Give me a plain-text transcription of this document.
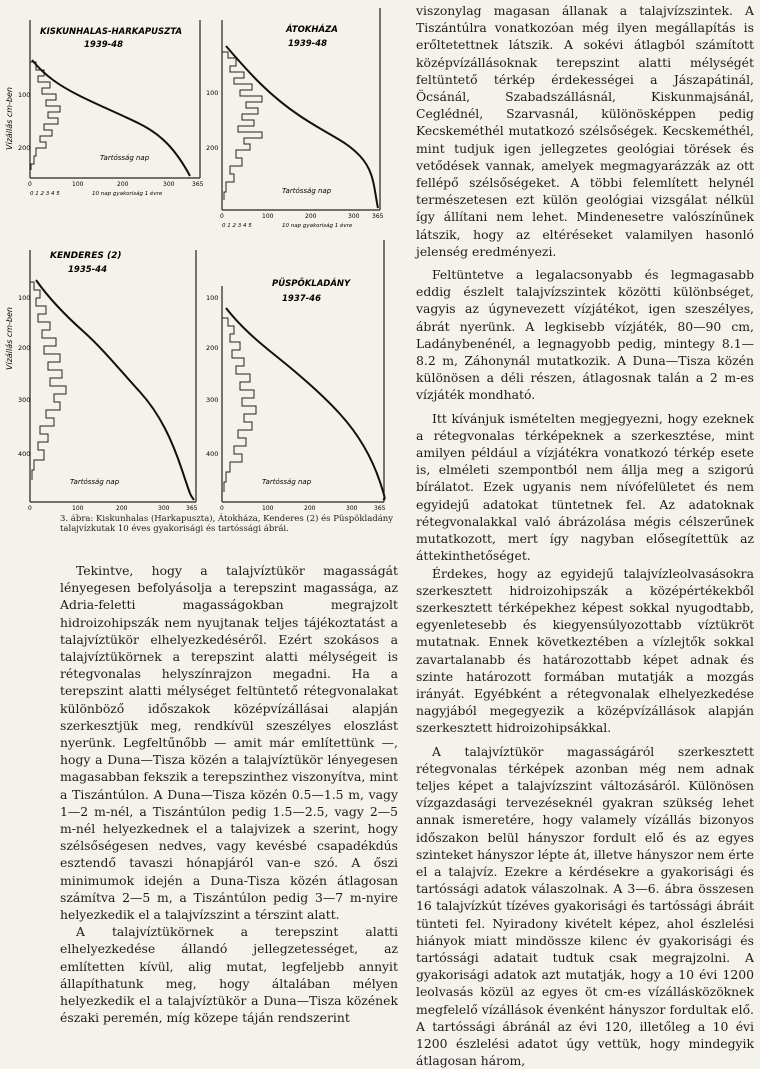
Vízállás cm-ben
Vízállás cm-ben
KISKUNHALAS-HARKAPUSZTA
1939-48
100
200
Tartósság nap
0	100	200	300	365
0 1 2 3 4 5	10 nap gyakoriság 1 évre
ÁTOKHÁZA
1939-48
100
200
Tartósság nap
0	100	200	300 365
0 1 2 3 4 5	10 nap gyakoriság 1 évre
KENDERES (2)
1935-44
100
200
300
400
Tartósság nap
0	100	200	300	365
PÜSPÖKLADÁNY
1937-46
100
200
300
400
Tartósság nap
0	100	200	300	365
3. ábra: Kiskunhalas (Harkapuszta), Átokháza, Kenderes (2) és Püspökladány talajvízkutak 10 éves gyakorisági és tartóssági ábrái.

Tekintve, hogy a talajvíztükör magasságát lényegesen befolyásolja a terepszint magassága, az Adria-feletti magasságokban megrajzolt hidroizohipszák nem nyujtanak teljes tájékoztatást a talajvíztükör elhelyezkedéséről. Ezért szokásos a talajvíztükörnek a terepszint alatti mélységeit is rétegvonalas helyszínrajzon megadni. Ha a terepszint alatti mélységet feltüntető rétegvonalakat különböző időszakok középvízállásai alapján szerkesztjük meg, rendkívül szeszélyes eloszlást nyerünk. Legfeltűnőbb — amit már említettünk —, hogy a Duna—Tisza közén a talajvíztükör lényegesen magasabban fekszik a terepszinthez viszonyítva, mint a Tiszántúlon. A Duna—Tisza közén 0.5—1.5 m, vagy 1—2 m-nél, a Tiszántúlon pedig 1.5—2.5, vagy 2—5 m-nél helyezkednek el a talajvizek a szerint, hogy szélsőségesen nedves, vagy kevésbé csapadékdús esztendő tavaszi hónapjáról van-e szó. A őszi minimumok idején a Duna-Tisza közén átlagosan számítva 2—5 m, a Tiszántúlon pedig 3—7 m-nyire helyezkedik el a talajvízszint a térszint alatt.

A talajvíztükörnek a terepszint alatti elhelyezkedése állandó jellegzetességet, az említetten kívül, alig mutat, legfeljebb annyit állapíthatunk meg, hogy általában mélyen helyezkedik el a talajvíztükör a Duna—Tisza közének északi peremén, míg közepe táján rendszerint

viszonylag magasan állanak a talajvízszintek. A Tiszántúlra vonatkozóan még ilyen megállapítás is erőltetettnek látszik. A sokévi átlagból számított középvízállásoknak terepszint alatti mélységét feltüntető térkép érdekességei a Jászapátinál, Öcsánál, Szabadszállásnál, Kiskunmajsánál, Ceglédnél, Szarvasnál, különösképpen pedig Kecskeméthél mutatkozó szélsőségek. Kecskeméthél, mint tudjuk igen jellegzetes geológiai törések és vetődések vannak, amelyek megmagyarázzák az ott fellépő szélsőségeket. A többi felemlített helynél természetesen ezt külön geológiai vizsgálat nélkül így állítani nem lehet. Mindenesetre valószínűnek látszik, hogy az eltéréseket valamilyen hasonló jelenség eredményezi.

Feltüntetve a legalacsonyabb és legmagasabb eddig észlelt talajvízszintek közötti különbséget, vagyis az úgynevezett vízjátékot, igen szeszélyes, ábrát nyerünk. A legkisebb vízjáték, 80—90 cm, Ladánybenénél, a legnagyobb pedig, mintegy 8.1—8.2 m, Záhonynál mutatkozik. A Duna—Tisza közén különösen a déli részen, átlagosnak talán a 2 m-es vízjáték mondható.

Itt kívánjuk ismételten megjegyezni, hogy ezeknek a rétegvonalas térképeknek a szerkesztése, mint amilyen például a vízjátékra vonatkozó térkép esete is, elméleti szempontból nem állja meg a szigorú bírálatot. Ezek ugyanis nem nívófelületet és nem egyidejű adatokat tüntetnek fel. Az adatoknak rétegvonalakkal való ábrázolása mégis célszerűnek mutatkozott, mert így nagyban elősegítettük az áttekinthetőséget.

Érdekes, hogy az egyidejű talajvízleolvasásokra szerkesztett hidroizohipszák a középértékekből szerkesztett térképekhez képest sokkal nyugodtabb, egyenletesebb és kiegyensúlyozottabb víztükröt mutatnak. Ennek következtében a vízlejtők sokkal zavartalanabb és határozottabb képet adnak és szinte határozott formában mutatják a mozgás irányát. Egyébként a rétegvonalak elhelyezkedése nagyjából megegyezik a középvízállások alapján szerkesztett hidroizohipsákkal.

A talajvíztükör magasságáról szerkesztett rétegvonalas térképek azonban még nem adnak teljes képet a talajvízszint változásáról. Különösen vízgazdasági tervezéseknél gyakran szükség lehet annak ismeretére, hogy valamely vízállás bizonyos időszakon belül hányszor fordult elő és az egyes szinteket hányszor lépte át, illetve hányszor nem érte el a talajvíz. Ezekre a kérdésekre a gyakorisági és tartóssági adatok válaszolnak. A 3—6. ábra összesen 16 talajvízkút tízéves gyakorisági és tartóssági ábráit tünteti fel. Nyiradony kivételt képez, ahol észlelési hiányok miatt mindössze kilenc év gyakorisági és tartóssági adatait tudtuk csak megrajzolni. A gyakorisági adatok azt mutatják, hogy a 10 évi 1200 leolvasás közül az egyes öt cm-es vízállásközöknek megfelelő vízállások évenként hányszor fordultak elő. A tartóssági ábránál az évi 120, illetőleg a 10 évi 1200 észlelési adatot úgy vettük, hogy mindegyik átlagosan három,
